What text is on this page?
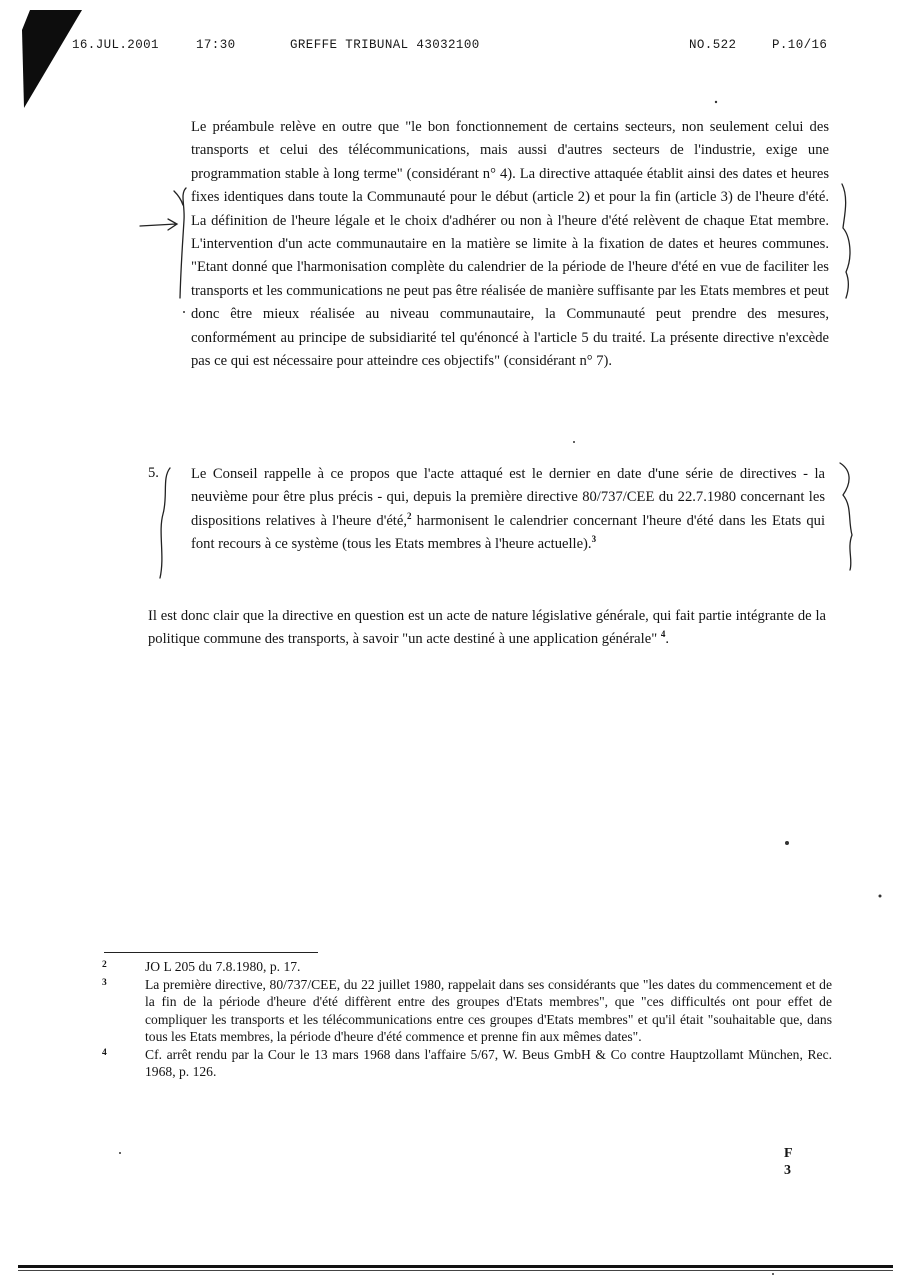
16.JUL.2001	17:30	GREFFE TRIBUNAL 43032100	NO.522	P.10/16

Le préambule relève en outre que "le bon fonctionnement de certains secteurs, non seulement celui des transports et celui des télécommunications, mais aussi d'autres secteurs de l'industrie, exige une programmation stable à long terme" (considérant n° 4). La directive attaquée établit ainsi des dates et heures fixes identiques dans toute la Communauté pour le début (article 2) et pour la fin (article 3) de l'heure d'été. La définition de l'heure légale et le choix d'adhérer ou non à l'heure d'été relèvent de chaque Etat membre. L'intervention d'un acte communautaire en la matière se limite à la fixation de dates et heures communes. "Etant donné que l'harmonisation complète du calendrier de la période de l'heure d'été en vue de faciliter les transports et les communications ne peut pas être réalisée de manière suffisante par les Etats membres et peut donc être mieux réalisée au niveau communautaire, la Communauté peut prendre des mesures, conformément au principe de subsidiarité tel qu'énoncé à l'article 5 du traité. La présente directive n'excède pas ce qui est nécessaire pour atteindre ces objectifs" (considérant n° 7).

5. Le Conseil rappelle à ce propos que l'acte attaqué est le dernier en date d'une série de directives - la neuvième pour être plus précis - qui, depuis la première directive 80/737/CEE du 22.7.1980 concernant les dispositions relatives à l'heure d'été,$^2$ harmonisent le calendrier concernant l'heure d'été dans les Etats qui font recours à ce système (tous les Etats membres à l'heure actuelle).$^3$

Il est donc clair que la directive en question est un acte de nature législative générale, qui fait partie intégrante de la politique commune des transports, à savoir "un acte destiné à une application générale" $^4$.

2	JO L 205 du 7.8.1980, p. 17.

3	La première directive, 80/737/CEE, du 22 juillet 1980, rappelait dans ses considérants que "les dates du commencement et de la fin de la période d'heure d'été diffèrent entre des groupes d'Etats membres", que "ces difficultés ont pour effet de compliquer les transports et les télécommunications entre ces groupes d'Etats membres" et qu'il était "souhaitable que, dans tous les Etats membres, la période d'heure d'été commence et prenne fin aux mêmes dates".

4	Cf. arrêt rendu par la Cour le 13 mars 1968 dans l'affaire 5/67, W. Beus GmbH & Co contre Hauptzollamt München, Rec. 1968, p. 126.

F
3
